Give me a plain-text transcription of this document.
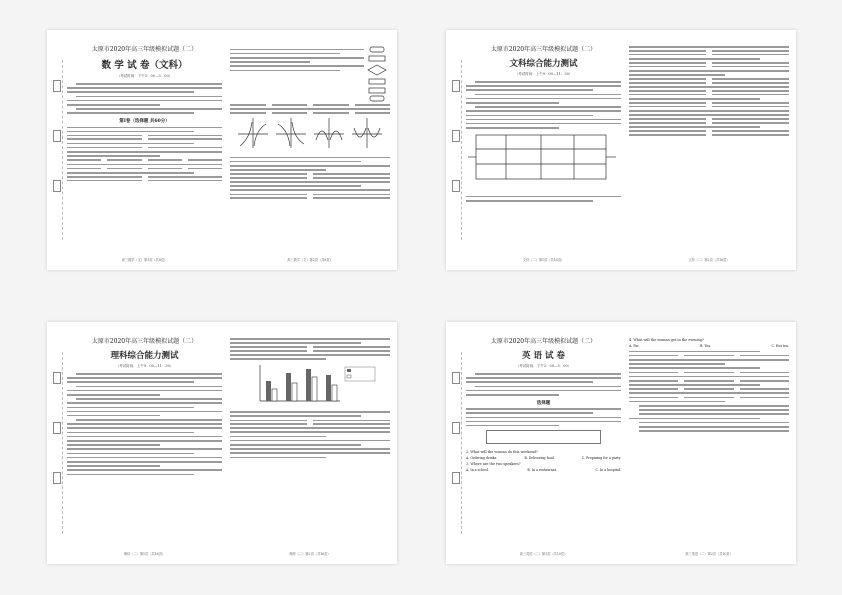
太原市2020年高三年级模拟试题（二）
数 学 试 卷（文科）
（考试时间：下午3：00—5：00）
第Ⅰ卷（选择题 共60分）
高三数学（文）第1页（共8页）	高三数学（文）第2页（共8页）
太原市2020年高三年级模拟试题（二）
文科综合能力测试
（考试时间：上午9：00—11：30）
文综（二）第1页（共16页）	文综（二）第2页（共16页）
太原市2020年高三年级模拟试题（二）
理科综合能力测试
（考试时间：上午9：00—11：30）
理综（二）第1页（共16页）	理综（二）第2页（共16页）
太原市2020年高三年级模拟试题（二）
英 语 试 卷
（考试时间：下午3：00—5：00）
选择题
2. What will the woman do this weekend?
A. Ordering drinks.	B. Delivering food.	C. Preparing for a party.
3. Where are the two speakers?
A. In a school.	B. In a restaurant.	C. In a hospital.
高三英语（二）第1页（共10页）
4. What will the woman get in the evening?
A. Pie.	B. Tea.	C. Hot tea.
高三英语（二）第2页（共10页）
